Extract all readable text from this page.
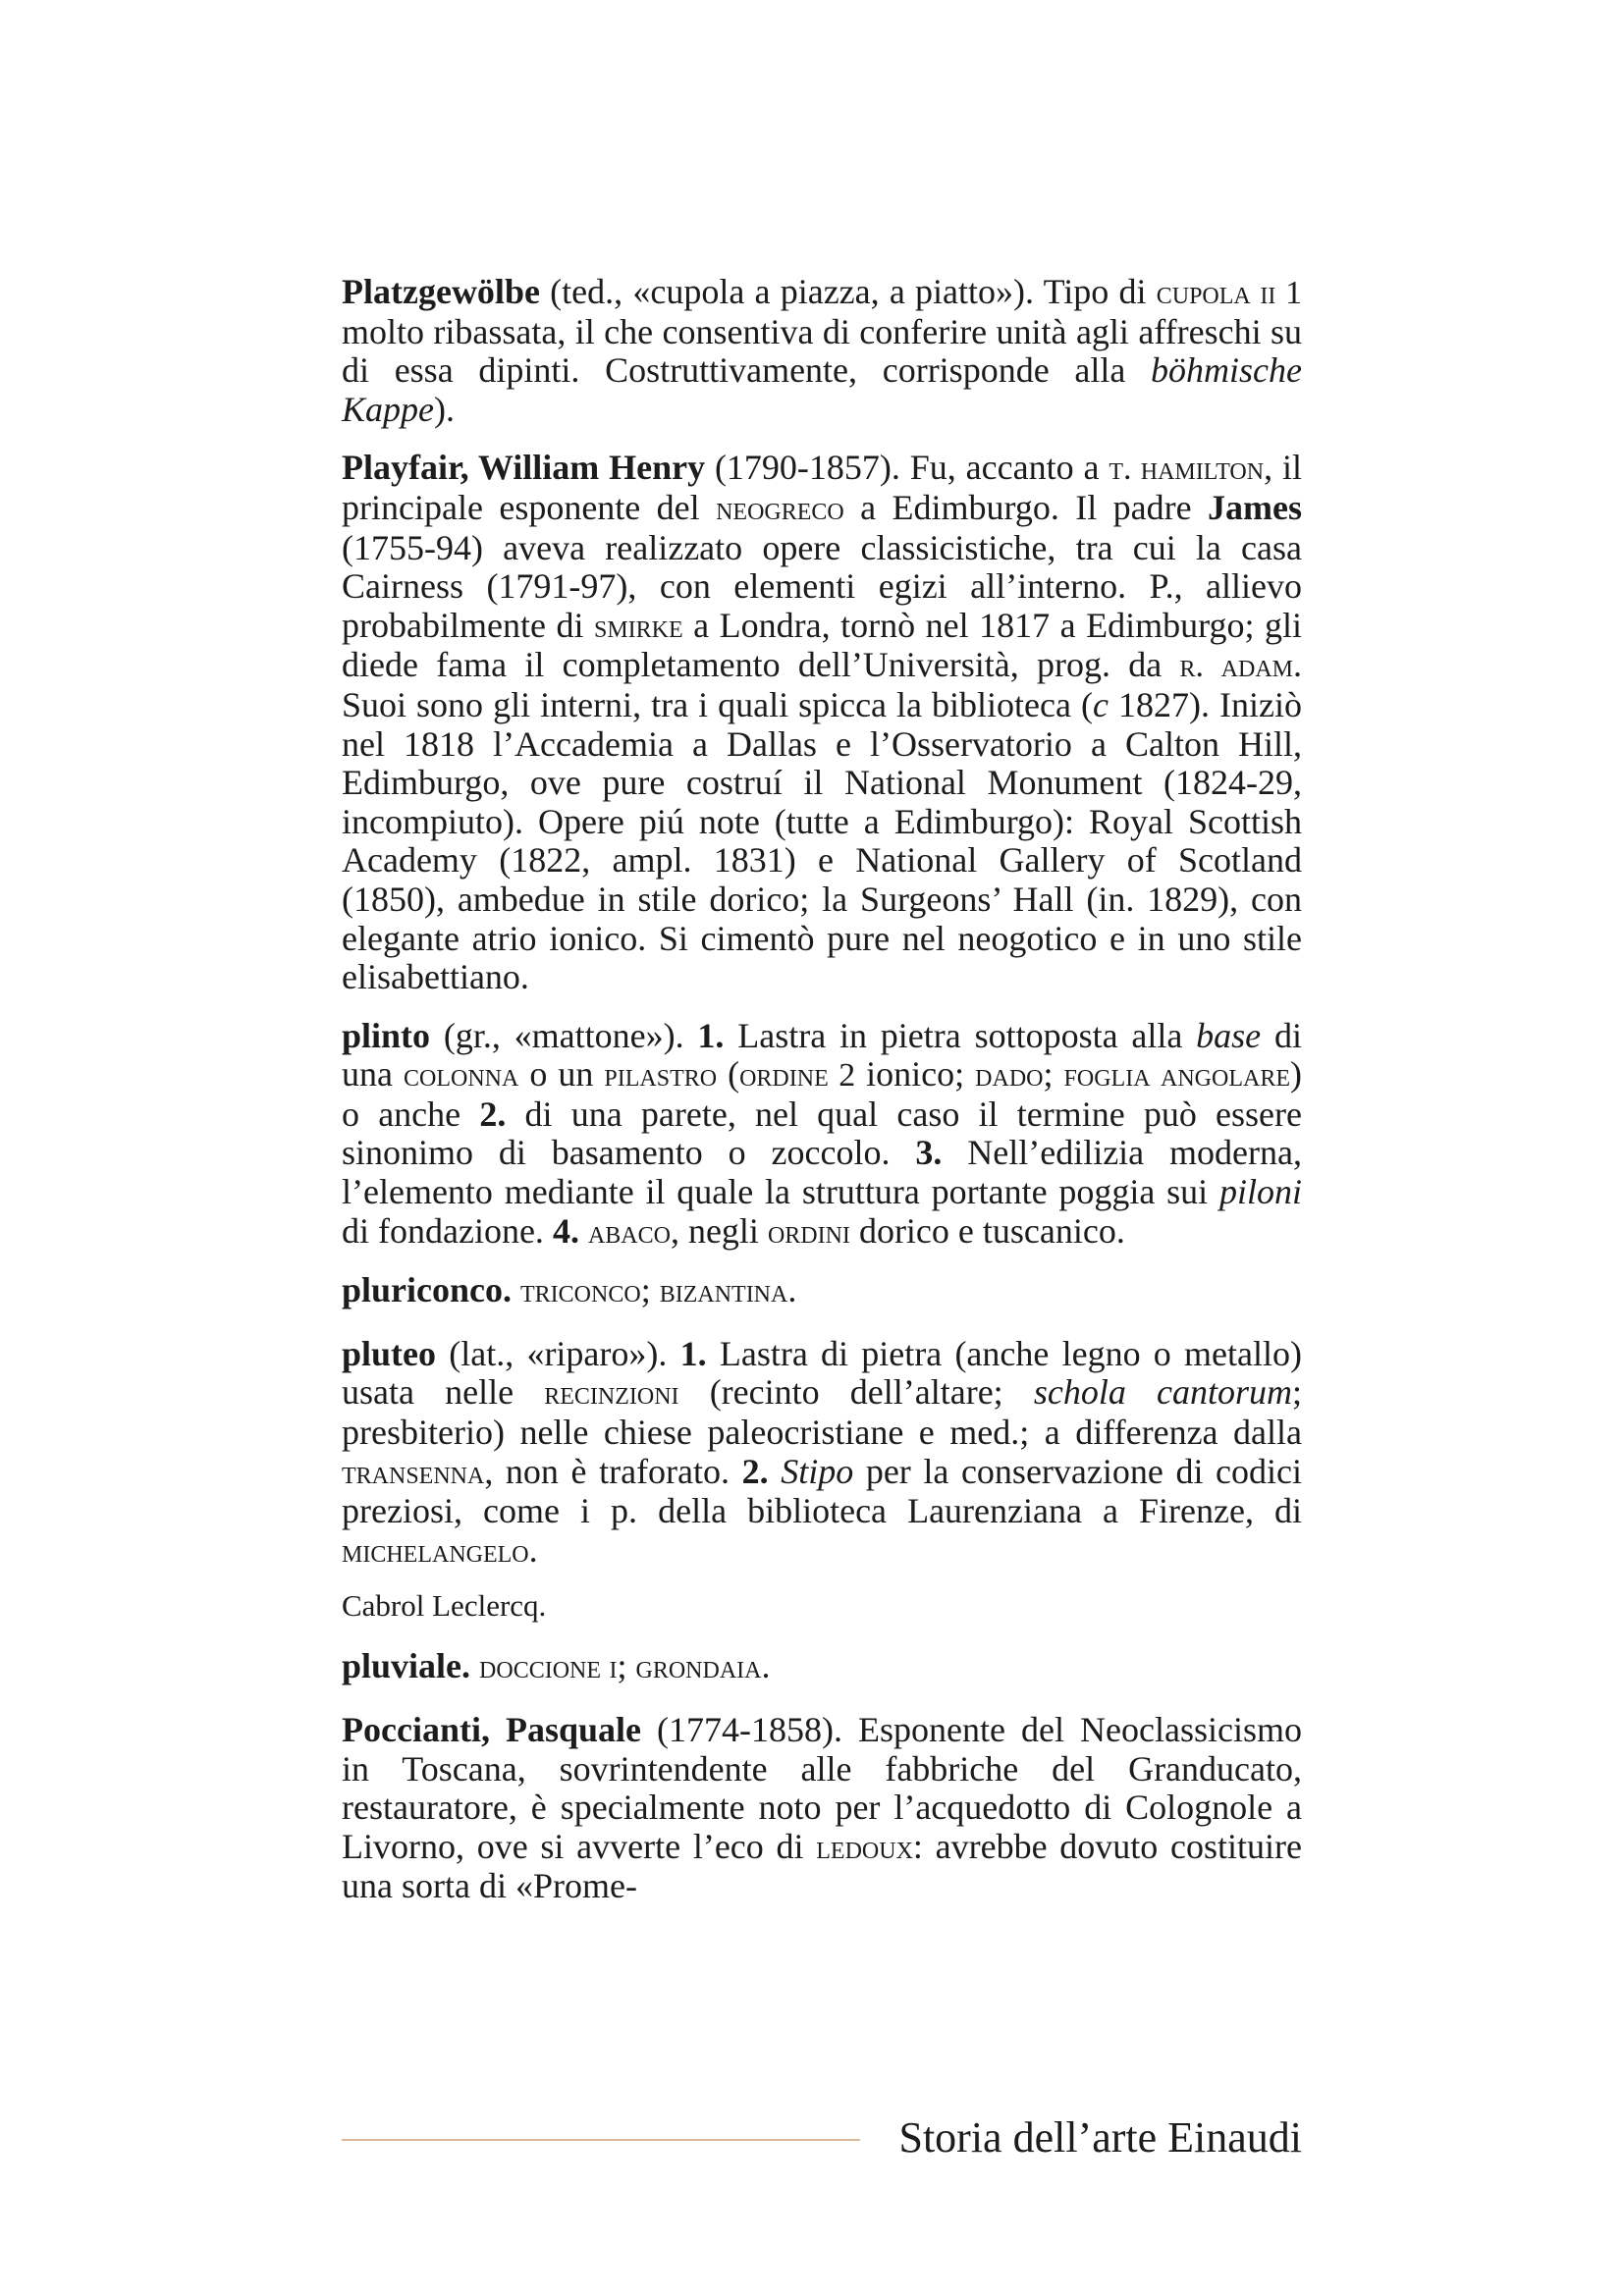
Platzgewölbe (ted., «cupola a piazza, a piatto»). Tipo di cupola ii 1 molto ribassata, il che consentiva di conferire unità agli affreschi su di essa dipinti. Costruttivamente, corrisponde alla böhmische Kappe).

Playfair, William Henry (1790-1857). Fu, accanto a t. hamilton, il principale esponente del neogreco a Edimburgo. Il padre James (1755-94) aveva realizzato opere classicistiche, tra cui la casa Cairness (1791-97), con elementi egizi all’interno. P., allievo probabilmente di smirke a Londra, tornò nel 1817 a Edimburgo; gli diede fama il completamento dell’Università, prog. da r. adam. Suoi sono gli interni, tra i quali spicca la biblioteca (c 1827). Iniziò nel 1818 l’Accademia a Dallas e l’Osservatorio a Calton Hill, Edimburgo, ove pure costruí il National Monument (1824-29, incompiuto). Opere piú note (tutte a Edimburgo): Royal Scottish Academy (1822, ampl. 1831) e National Gallery of Scotland (1850), ambedue in stile dorico; la Surgeons’ Hall (in. 1829), con elegante atrio ionico. Si cimentò pure nel neogotico e in uno stile elisabettiano.

plinto (gr., «mattone»). 1. Lastra in pietra sottoposta alla base di una colonna o un pilastro (ordine 2 ionico; dado; foglia angolare) o anche 2. di una parete, nel qual caso il termine può essere sinonimo di basamento o zoccolo. 3. Nell’edilizia moderna, l’elemento mediante il quale la struttura portante poggia sui piloni di fondazione. 4. abaco, negli ordini dorico e tuscanico.

pluriconco. triconco; bizantina.

pluteo (lat., «riparo»). 1. Lastra di pietra (anche legno o metallo) usata nelle recinzioni (recinto dell’altare; schola cantorum; presbiterio) nelle chiese paleocristiane e med.; a differenza dalla transenna, non è traforato. 2. Stipo per la conservazione di codici preziosi, come i p. della biblioteca Laurenziana a Firenze, di michelangelo.

Cabrol Leclercq.

pluviale. doccione i; grondaia.

Poccianti, Pasquale (1774-1858). Esponente del Neoclassicismo in Toscana, sovrintendente alle fabbriche del Granducato, restauratore, è specialmente noto per l’acquedotto di Colognole a Livorno, ove si avverte l’eco di ledoux: avrebbe dovuto costituire una sorta di «Prome-

Storia dell’arte Einaudi
